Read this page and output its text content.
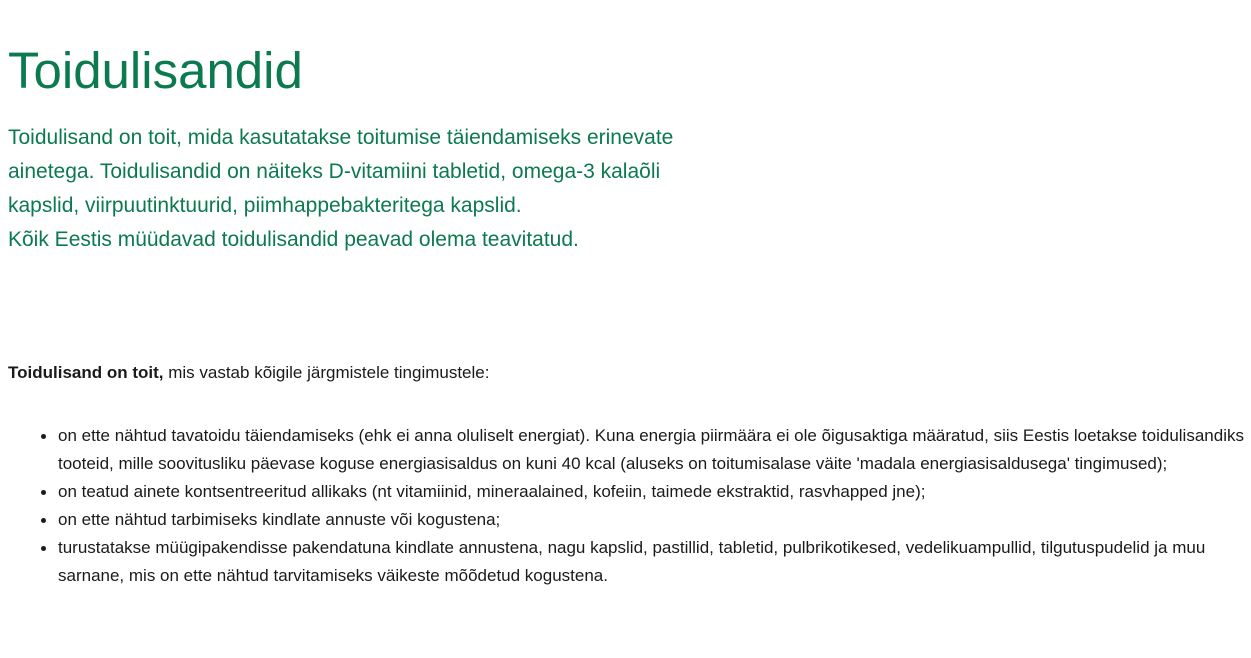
Toidulisandid

Toidulisand on toit, mida kasutatakse toitumise täiendamiseks erinevate
ainetega. Toidulisandid on näiteks D-vitamiini tabletid, omega-3 kalaõli
kapslid, viirpuutinktuurid, piimhappebakteritega kapslid.
Kõik Eestis müüdavad toidulisandid peavad olema teavitatud.

Toidulisand on toit, mis vastab kõigile järgmistele tingimustele:

on ette nähtud tavatoidu täiendamiseks (ehk ei anna oluliselt energiat). Kuna energia piirmäära ei ole õigusaktiga määratud, siis Eestis loetakse toidulisandiks tooteid, mille soovitusliku päevase koguse energiasisaldus on kuni 40 kcal (aluseks on toitumisalase väite 'madala energiasisaldusega' tingimused);
on teatud ainete kontsentreeritud allikaks (nt vitamiinid, mineraalained, kofeiin, taimede ekstraktid, rasvhapped jne);
on ette nähtud tarbimiseks kindlate annuste või kogustena;
turustatakse müügipakendisse pakendatuna kindlate annustena, nagu kapslid, pastillid, tabletid, pulbrikotikesed, vedelikuampullid, tilgutuspudelid ja muu sarnane, mis on ette nähtud tarvitamiseks väikeste mõõdetud kogustena.
